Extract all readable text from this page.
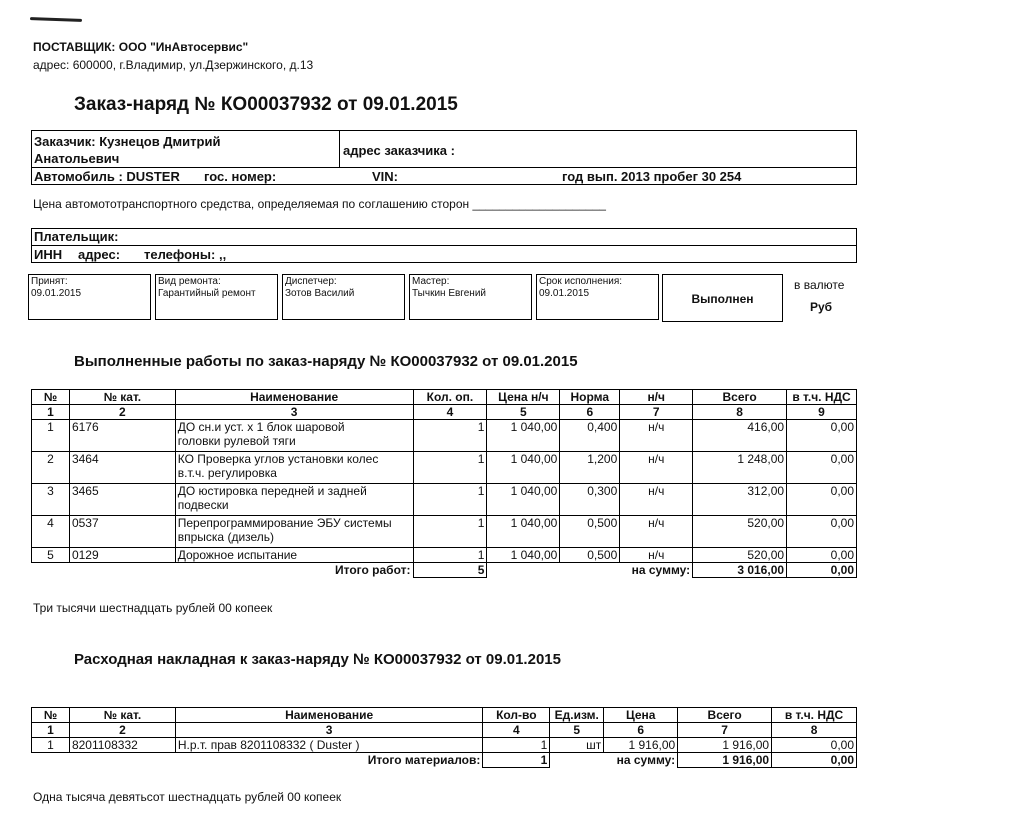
ПОСТАВЩИК: ООО "ИнАвтосервис"
адрес: 600000, г.Владимир, ул.Дзержинского, д.13
Заказ-наряд № КО00037932 от 09.01.2015
Заказчик: Кузнецов Дмитрий
Анатольевич
адрес заказчика :
Автомобиль : DUSTER гос. номер:	VIN:	год вып. 2013 пробег 30 254
Цена автомототранспортного средства, определяемая по соглашению сторон ____________________
Плательщик:
ИНН адрес: телефоны: ,,
Принят:
09.01.2015
Вид ремонта:
Гарантийный ремонт
Диспетчер:
Зотов Василий
Мастер:
Тычкин Евгений
Срок исполнения:
09.01.2015	Выполнен
в валюте
Руб
Выполненные работы по заказ-наряду № КО00037932 от 09.01.2015
№	№ кат.	Наименование	Кол. оп.	Цена н/ч	Норма	н/ч	Всего	в т.ч. НДС
1	2	3	4	5	6	7	8	9
1	6176	ДО сн.и уст. х 1 блок шаровой
головки рулевой тяги	1	1 040,00	0,400	н/ч	416,00	0,00
2	3464	КО Проверка углов установки колес
в.т.ч. регулировка	1	1 040,00	1,200	н/ч	1 248,00	0,00
3	3465	ДО юстировка передней и задней
подвески	1	1 040,00	0,300	н/ч	312,00	0,00
4	0537	Перепрограммирование ЭБУ системы
впрыска (дизель)	1	1 040,00	0,500	н/ч	520,00	0,00
5	0129	Дорожное испытание	1	1 040,00	0,500	н/ч	520,00	0,00
		Итого работ:	5			на сумму:	3 016,00	0,00
Три тысячи шестнадцать рублей 00 копеек
Расходная накладная к заказ-наряду № КО00037932 от 09.01.2015
№	№ кат.	Наименование	Кол-во	Ед.изм.	Цена	Всего	в т.ч. НДС
1	2	3	4	5	6	7	8
1	8201108332	Н.р.т. прав 8201108332 ( Duster )	1	шт	1 916,00	1 916,00	0,00
		Итого материалов:	1		на сумму:	1 916,00	0,00
Одна тысяча девятьсот шестнадцать рублей 00 копеек
